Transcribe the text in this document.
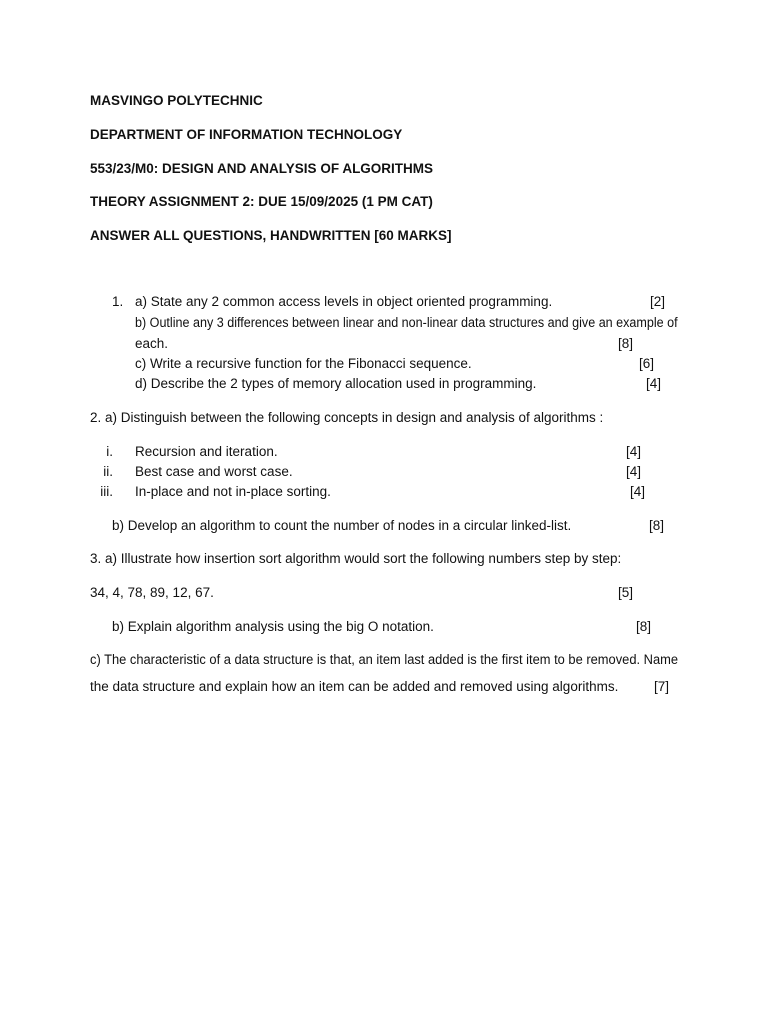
MASVINGO POLYTECHNIC
DEPARTMENT OF INFORMATION TECHNOLOGY
553/23/M0: DESIGN AND ANALYSIS OF ALGORITHMS
THEORY ASSIGNMENT 2: DUE 15/09/2025 (1 PM CAT)
ANSWER ALL QUESTIONS, HANDWRITTEN [60 MARKS]
1. a) State any 2 common access levels in object oriented programming.	[2]
b) Outline any 3 differences between linear and non-linear data structures and give an example of
each.	[8]
c) Write a recursive function for the Fibonacci sequence.	[6]
d) Describe the 2 types of memory allocation used in programming.	[4]
2. a) Distinguish between the following concepts in design and analysis of algorithms :
i. Recursion and iteration.	[4]
ii. Best case and worst case.	[4]
iii. In-place and not in-place sorting.	[4]
b) Develop an algorithm to count the number of nodes in a circular linked-list.	[8]
3. a) Illustrate how insertion sort algorithm would sort the following numbers step by step:
34, 4, 78, 89, 12, 67.	[5]
b) Explain algorithm analysis using the big O notation.	[8]
c) The characteristic of a data structure is that, an item last added is the first item to be removed. Name
the data structure and explain how an item can be added and removed using algorithms.	[7]
